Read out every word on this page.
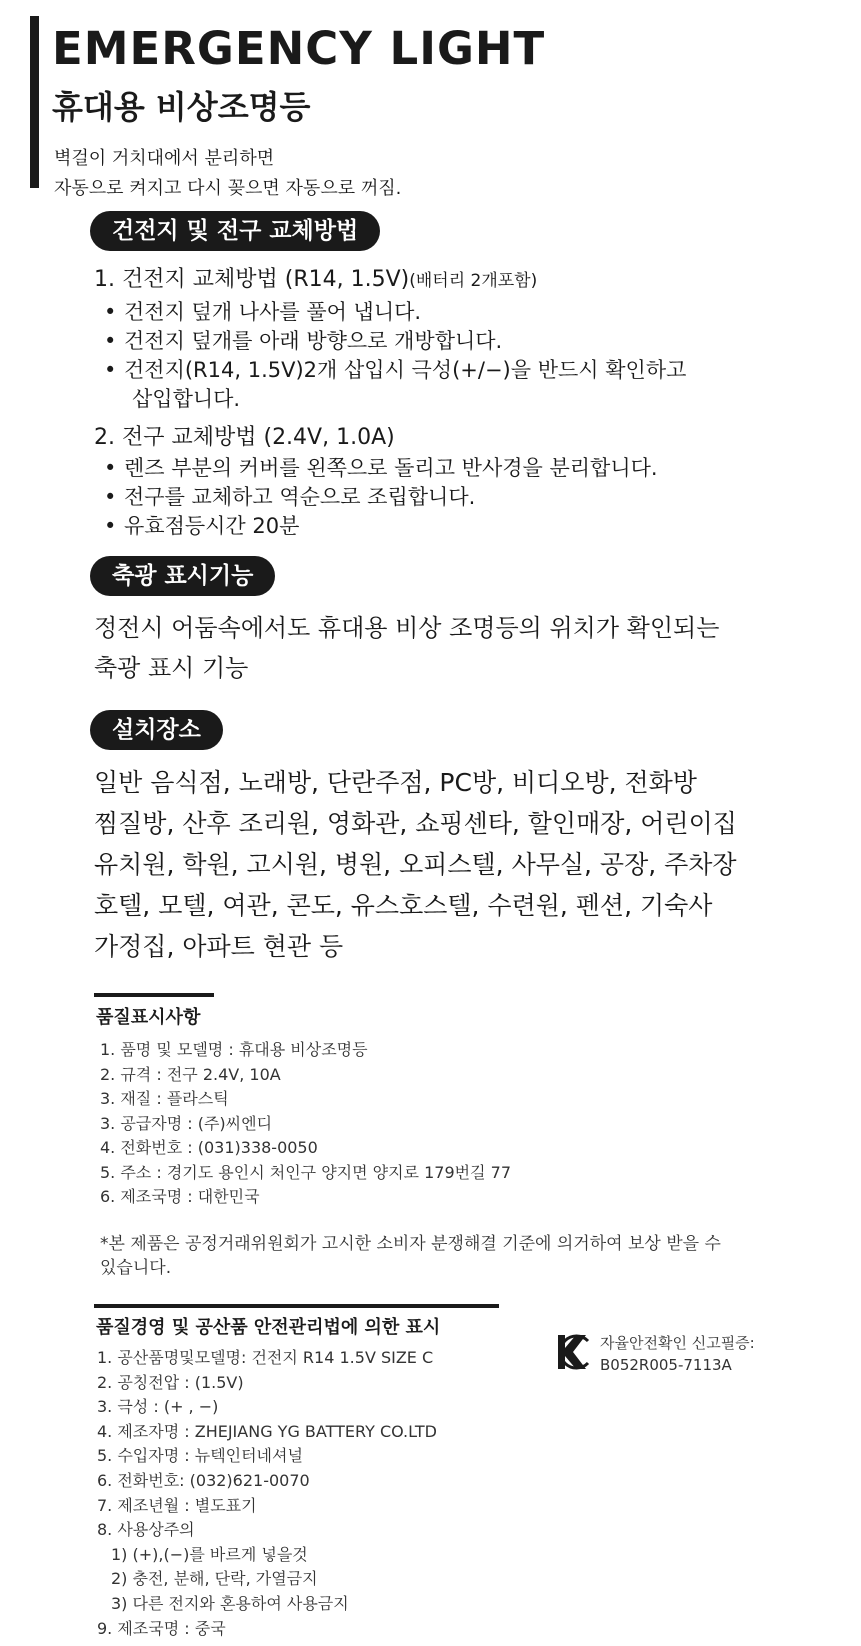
EMERGENCY LIGHT
휴대용 비상조명등
벽걸이 거치대에서 분리하면
자동으로 켜지고 다시 꽂으면 자동으로 꺼짐.
건전지 및 전구 교체방법
1. 건전지 교체방법 (R14, 1.5V)(배터리 2개포함)
• 건전지 덮개 나사를 풀어 냅니다.
• 건전지 덮개를 아래 방향으로 개방합니다.
• 건전지(R14, 1.5V)2개 삽입시 극성(+/−)을 반드시 확인하고
삽입합니다.
2. 전구 교체방법 (2.4V, 1.0A)
• 렌즈 부분의 커버를 왼쪽으로 돌리고 반사경을 분리합니다.
• 전구를 교체하고 역순으로 조립합니다.
• 유효점등시간 20분
축광 표시기능
정전시 어둠속에서도 휴대용 비상 조명등의 위치가 확인되는
축광 표시 기능
설치장소
일반 음식점, 노래방, 단란주점, PC방, 비디오방, 전화방
찜질방, 산후 조리원, 영화관, 쇼핑센타, 할인매장, 어린이집
유치원, 학원, 고시원, 병원, 오피스텔, 사무실, 공장, 주차장
호텔, 모텔, 여관, 콘도, 유스호스텔, 수련원, 펜션, 기숙사
가정집, 아파트 현관 등
품질표시사항
1. 품명 및 모델명 : 휴대용 비상조명등
2. 규격 : 전구 2.4V, 10A
3. 재질 : 플라스틱
3. 공급자명 : (주)씨엔디
4. 전화번호 : (031)338-0050
5. 주소 : 경기도 용인시 처인구 양지면 양지로 179번길 77
6. 제조국명 : 대한민국
*본 제품은 공정거래위원회가 고시한 소비자 분쟁해결 기준에 의거하여 보상 받을 수
있습니다.
품질경영 및 공산품 안전관리법에 의한 표시
1. 공산품명및모델명: 건전지 R14 1.5V SIZE C
2. 공칭전압 : (1.5V)
3. 극성 : (+ , −)
4. 제조자명 : ZHEJIANG YG BATTERY CO.LTD
5. 수입자명 : 뉴텍인터네셔널
6. 전화번호: (032)621-0070
7. 제조년월 : 별도표기
8. 사용상주의
1) (+),(−)를 바르게 넣을것
2) 충전, 분해, 단락, 가열금지
3) 다른 전지와 혼용하여 사용금지
9. 제조국명 : 중국
자율안전확인 신고필증:
B052R005-7113A
